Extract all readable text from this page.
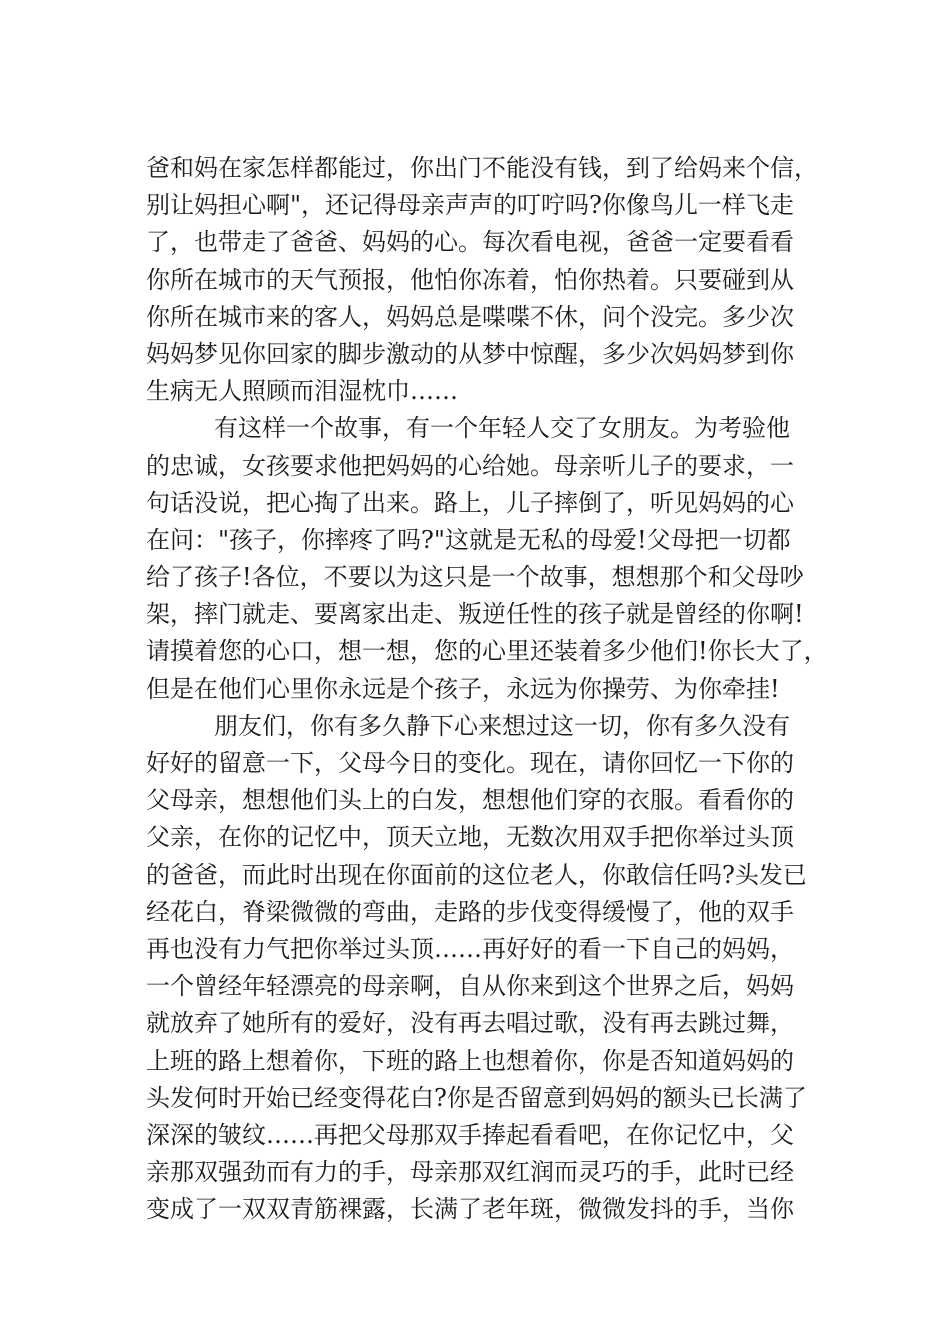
爸和妈在家怎样都能过，你出门不能没有钱，到了给妈来个信，
别让妈担心啊"，还记得母亲声声的叮咛吗?你像鸟儿一样飞走
了，也带走了爸爸、妈妈的心。每次看电视，爸爸一定要看看
你所在城市的天气预报，他怕你冻着，怕你热着。只要碰到从
你所在城市来的客人，妈妈总是喋喋不休，问个没完。多少次
妈妈梦见你回家的脚步激动的从梦中惊醒，多少次妈妈梦到你
生病无人照顾而泪湿枕巾……
有这样一个故事，有一个年轻人交了女朋友。为考验他
的忠诚，女孩要求他把妈妈的心给她。母亲听儿子的要求，一
句话没说，把心掏了出来。路上，儿子摔倒了，听见妈妈的心
在问："孩子，你摔疼了吗?"这就是无私的母爱!父母把一切都
给了孩子!各位，不要以为这只是一个故事，想想那个和父母吵
架，摔门就走、要离家出走、叛逆任性的孩子就是曾经的你啊!
请摸着您的心口，想一想，您的心里还装着多少他们!你长大了，
但是在他们心里你永远是个孩子，永远为你操劳、为你牵挂!
朋友们，你有多久静下心来想过这一切，你有多久没有
好好的留意一下，父母今日的变化。现在，请你回忆一下你的
父母亲，想想他们头上的白发，想想他们穿的衣服。看看你的
父亲，在你的记忆中，顶天立地，无数次用双手把你举过头顶
的爸爸，而此时出现在你面前的这位老人，你敢信任吗?头发已
经花白，脊梁微微的弯曲，走路的步伐变得缓慢了，他的双手
再也没有力气把你举过头顶……再好好的看一下自己的妈妈，
一个曾经年轻漂亮的母亲啊，自从你来到这个世界之后，妈妈
就放弃了她所有的爱好，没有再去唱过歌，没有再去跳过舞，
上班的路上想着你，下班的路上也想着你，你是否知道妈妈的
头发何时开始已经变得花白?你是否留意到妈妈的额头已长满了
深深的皱纹……再把父母那双手捧起看看吧，在你记忆中，父
亲那双强劲而有力的手，母亲那双红润而灵巧的手，此时已经
变成了一双双青筋裸露，长满了老年斑，微微发抖的手，当你
